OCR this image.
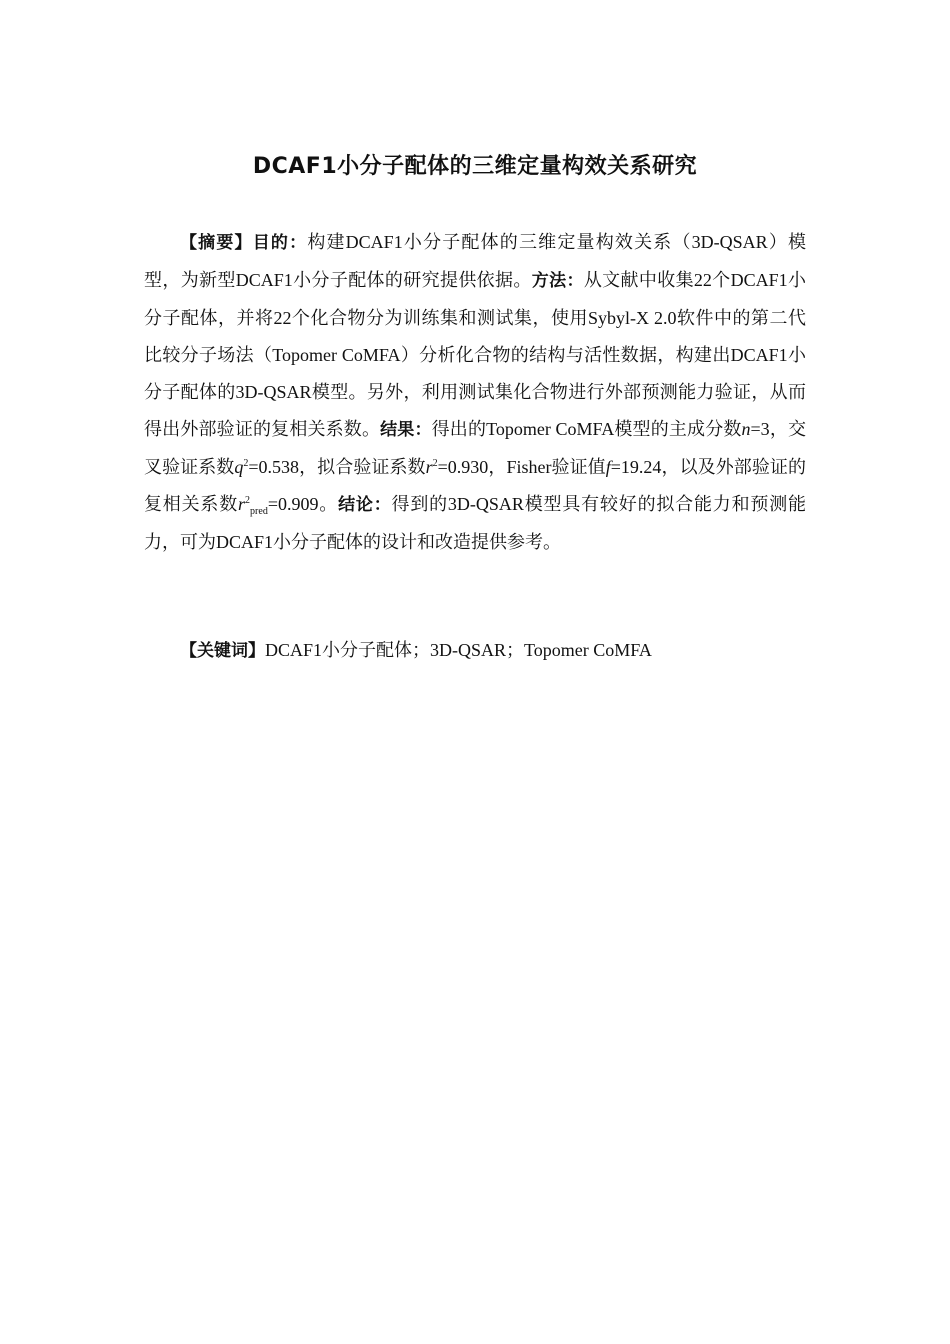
DCAF1小分子配体的三维定量构效关系研究
【摘要】目的：构建DCAF1小分子配体的三维定量构效关系（3D-QSAR）模型，为新型DCAF1小分子配体的研究提供依据。方法：从文献中收集22个DCAF1小分子配体，并将22个化合物分为训练集和测试集，使用Sybyl-X 2.0软件中的第二代比较分子场法（Topomer CoMFA）分析化合物的结构与活性数据，构建出DCAF1小分子配体的3D-QSAR模型。另外，利用测试集化合物进行外部预测能力验证，从而得出外部验证的复相关系数。结果：得出的Topomer CoMFA模型的主成分数n=3，交叉验证系数$q^2=0.538$，拟合验证系数$r^2=0.930$，Fisher验证值f=19.24，以及外部验证的复相关系数$r^2_{pred}=0.909$。结论：得到的3D-QSAR模型具有较好的拟合能力和预测能力，可为DCAF1小分子配体的设计和改造提供参考。
【关键词】DCAF1小分子配体；3D-QSAR；Topomer CoMFA
